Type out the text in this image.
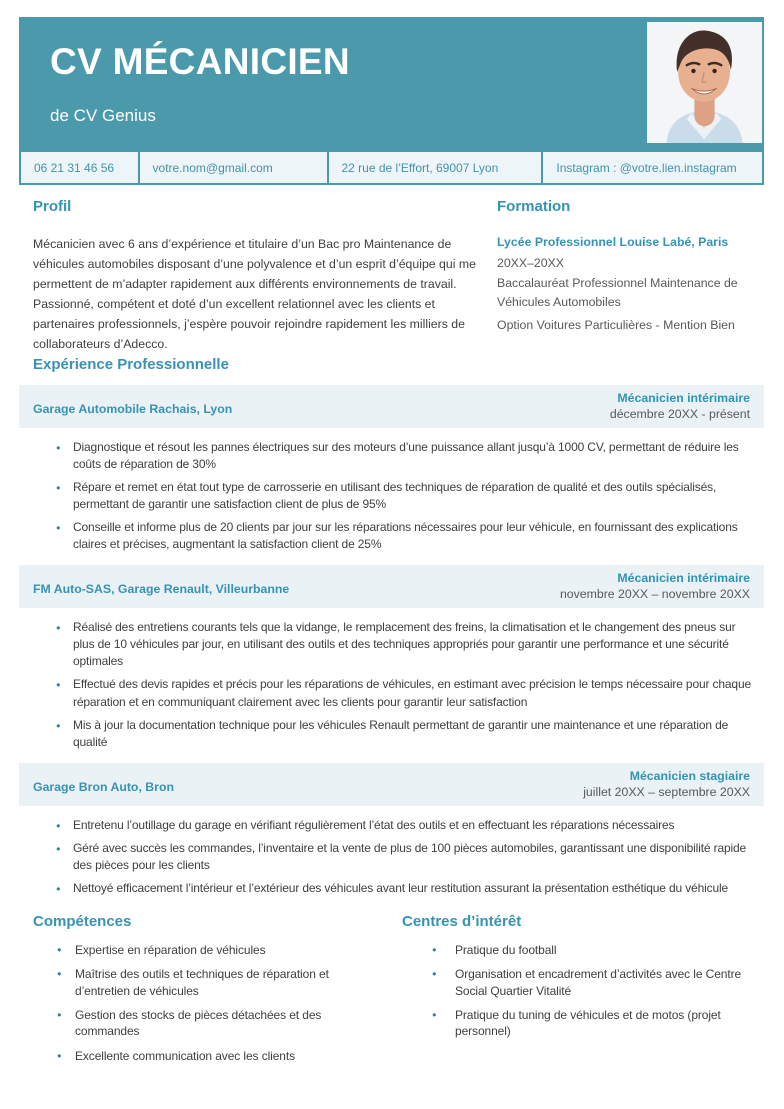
CV MÉCANICIEN
de CV Genius
06 21 31 46 56	votre.nom@gmail.com	22 rue de l’Effort, 69007 Lyon	Instagram : @votre.lien.instagram
Profil

Mécanicien avec 6 ans d’expérience et titulaire d’un Bac pro Maintenance de véhicules automobiles disposant d’une polyvalence et d’un esprit d’équipe qui me permettent de m’adapter rapidement aux différents environnements de travail. Passionné, compétent et doté d’un excellent relationnel avec les clients et partenaires professionnels, j’espère pouvoir rejoindre rapidement les milliers de collaborateurs d’Adecco.

Formation
Lycée Professionnel Louise Labé, Paris
20XX–20XX
Baccalauréat Professionnel Maintenance de Véhicules Automobiles
Option Voitures Particulières - Mention Bien
Expérience Professionnelle
Garage Automobile Rachais, Lyon
Mécanicien intérimaire
décembre 20XX - présent
● Diagnostique et résout les pannes électriques sur des moteurs d’une puissance allant jusqu’à 1000 CV, permettant de réduire les coûts de réparation de 30%
● Répare et remet en état tout type de carrosserie en utilisant des techniques de réparation de qualité et des outils spécialisés, permettant de garantir une satisfaction client de plus de 95%
● Conseille et informe plus de 20 clients par jour sur les réparations nécessaires pour leur véhicule, en fournissant des explications claires et précises, augmentant la satisfaction client de 25%
FM Auto-SAS, Garage Renault, Villeurbanne
Mécanicien intérimaire
novembre 20XX – novembre 20XX
● Réalisé des entretiens courants tels que la vidange, le remplacement des freins, la climatisation et le changement des pneus sur plus de 10 véhicules par jour, en utilisant des outils et des techniques appropriés pour garantir une performance et une sécurité optimales
● Effectué des devis rapides et précis pour les réparations de véhicules, en estimant avec précision le temps nécessaire pour chaque réparation et en communiquant clairement avec les clients pour garantir leur satisfaction
● Mis à jour la documentation technique pour les véhicules Renault permettant de garantir une maintenance et une réparation de qualité
Garage Bron Auto, Bron
Mécanicien stagiaire
juillet 20XX – septembre 20XX
● Entretenu l’outillage du garage en vérifiant régulièrement l’état des outils et en effectuant les réparations nécessaires
● Géré avec succès les commandes, l’inventaire et la vente de plus de 100 pièces automobiles, garantissant une disponibilité rapide des pièces pour les clients
● Nettoyé efficacement l’intérieur et l’extérieur des véhicules avant leur restitution assurant la présentation esthétique du véhicule
Compétences
● Expertise en réparation de véhicules
● Maîtrise des outils et techniques de réparation et d’entretien de véhicules
● Gestion des stocks de pièces détachées et des commandes
● Excellente communication avec les clients
Centres d’intérêt
● Pratique du football
● Organisation et encadrement d’activités avec le Centre Social Quartier Vitalité
● Pratique du tuning de véhicules et de motos (projet personnel)
